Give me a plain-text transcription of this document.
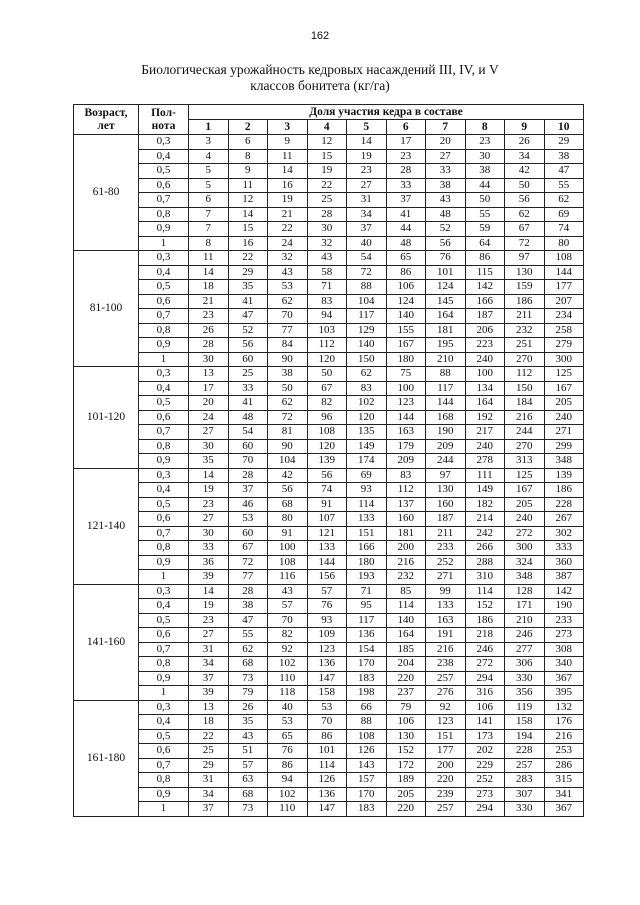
162
Биологическая урожайность кедровых насаждений III, IV, и V
классов бонитета (кг/га)
Возраст,
лет	Пол-
нота	Доля участия кедра в составе									
		1	2	3	4	5	6	7	8	9	10
61-80	0,3	3	6	9	12	14	17	20	23	26	29
	0,4	4	8	11	15	19	23	27	30	34	38
	0,5	5	9	14	19	23	28	33	38	42	47
	0,6	5	11	16	22	27	33	38	44	50	55
	0,7	6	12	19	25	31	37	43	50	56	62
	0,8	7	14	21	28	34	41	48	55	62	69
	0,9	7	15	22	30	37	44	52	59	67	74
	1	8	16	24	32	40	48	56	64	72	80
81-100	0,3	11	22	32	43	54	65	76	86	97	108
	0,4	14	29	43	58	72	86	101	115	130	144
	0,5	18	35	53	71	88	106	124	142	159	177
	0,6	21	41	62	83	104	124	145	166	186	207
	0,7	23	47	70	94	117	140	164	187	211	234
	0,8	26	52	77	103	129	155	181	206	232	258
	0,9	28	56	84	112	140	167	195	223	251	279
	1	30	60	90	120	150	180	210	240	270	300
101-120	0,3	13	25	38	50	62	75	88	100	112	125
	0,4	17	33	50	67	83	100	117	134	150	167
	0,5	20	41	62	82	102	123	144	164	184	205
	0,6	24	48	72	96	120	144	168	192	216	240
	0,7	27	54	81	108	135	163	190	217	244	271
	0,8	30	60	90	120	149	179	209	240	270	299
	0,9	35	70	104	139	174	209	244	278	313	348
121-140	0,3	14	28	42	56	69	83	97	111	125	139
	0,4	19	37	56	74	93	112	130	149	167	186
	0,5	23	46	68	91	114	137	160	182	205	228
	0,6	27	53	80	107	133	160	187	214	240	267
	0,7	30	60	91	121	151	181	211	242	272	302
	0,8	33	67	100	133	166	200	233	266	300	333
	0,9	36	72	108	144	180	216	252	288	324	360
	1	39	77	116	156	193	232	271	310	348	387
141-160	0,3	14	28	43	57	71	85	99	114	128	142
	0,4	19	38	57	76	95	114	133	152	171	190
	0,5	23	47	70	93	117	140	163	186	210	233
	0,6	27	55	82	109	136	164	191	218	246	273
	0,7	31	62	92	123	154	185	216	246	277	308
	0,8	34	68	102	136	170	204	238	272	306	340
	0,9	37	73	110	147	183	220	257	294	330	367
	1	39	79	118	158	198	237	276	316	356	395
161-180	0,3	13	26	40	53	66	79	92	106	119	132
	0,4	18	35	53	70	88	106	123	141	158	176
	0,5	22	43	65	86	108	130	151	173	194	216
	0,6	25	51	76	101	126	152	177	202	228	253
	0,7	29	57	86	114	143	172	200	229	257	286
	0,8	31	63	94	126	157	189	220	252	283	315
	0,9	34	68	102	136	170	205	239	273	307	341
	1	37	73	110	147	183	220	257	294	330	367
